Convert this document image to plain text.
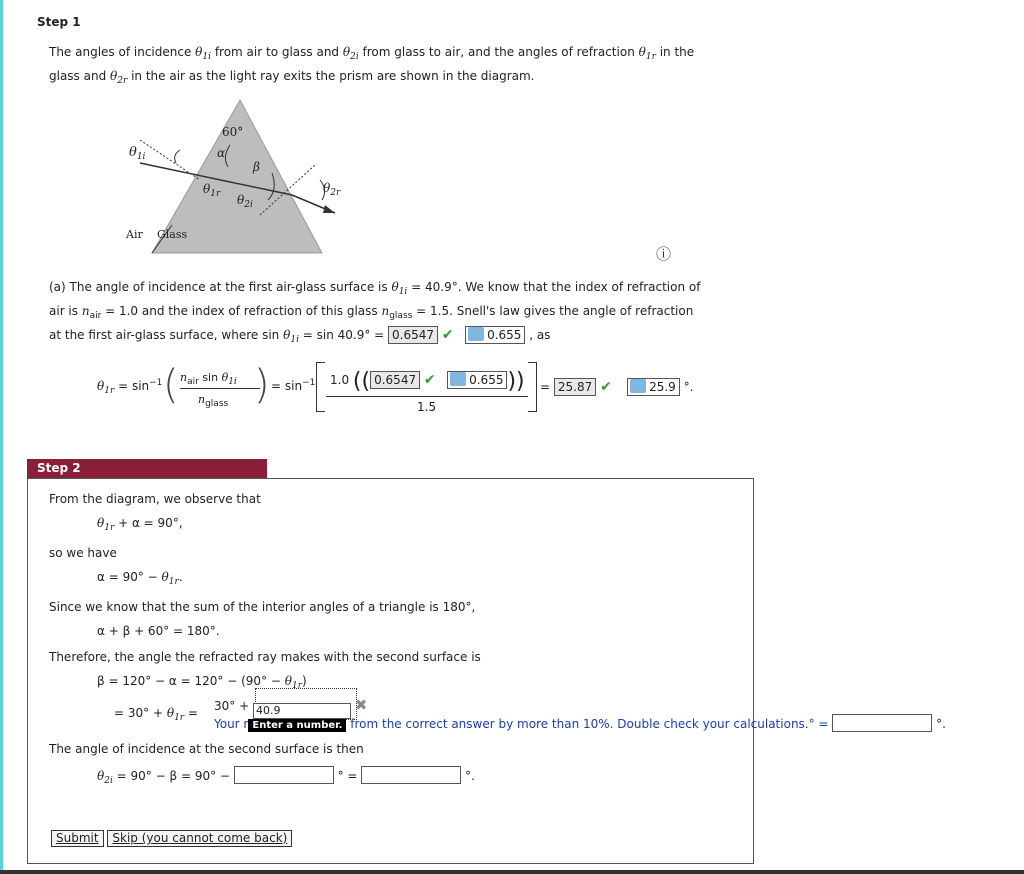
Step 1
The angles of incidence $\theta_{1i}$ from air to glass and $\theta_{2i}$ from glass to air, and the angles of refraction $\theta_{1r}$ in the
glass and $\theta_{2r}$ in the air as the light ray exits the prism are shown in the diagram.
60°
α
β
$\theta_{1i}$
$\theta_{1r}$ $\theta_{2i}$
$\theta_{2r}$
Air Glass
ⓘ
(a) The angle of incidence at the first air-glass surface is $\theta_{1i} = 40.9^\circ$. We know that the index of refraction of
air is $n_{air} = 1.0$ and the index of refraction of this glass $n_{glass} = 1.5$. Snell's law gives the angle of refraction
at the first air-glass surface, where $\sin \theta_{1i} = \sin 40.9^\circ = 0.6547$ ✔	0.655 , as
$\theta_{1r} = \sin^{-1}$ ( $n_{air}$ $\sin \theta_{1i}$
$n_{glass}$ ) = $\sin^{-1} 1.0$ (( 0.6547 ✔	0.655 ))
1.5
= 25.87 ✔	25.9 °.
Step 2
From the diagram, we observe that
$\theta_{1r} + \alpha = 90^\circ$,
so we have
$\alpha = 90^\circ - \theta_{1r}$.
Since we know that the sum of the interior angles of a triangle is 180°,
α + β + 60° = 180°.
Therefore, the angle the refracted ray makes with the second surface is
$\beta = 120^\circ - \alpha = 120^\circ - (90^\circ - \theta_{1r})$
= $30^\circ + \theta_{1r} = 30^\circ + 40.9$	✖
Your r Enter a number. from the correct answer by more than 10%. Double check your calculations.° =	°.
The angle of incidence at the second surface is then
$\theta_{2i} = 90^\circ - \beta = 90^\circ$ −	° =	°.
Submit Skip (you cannot come back)
